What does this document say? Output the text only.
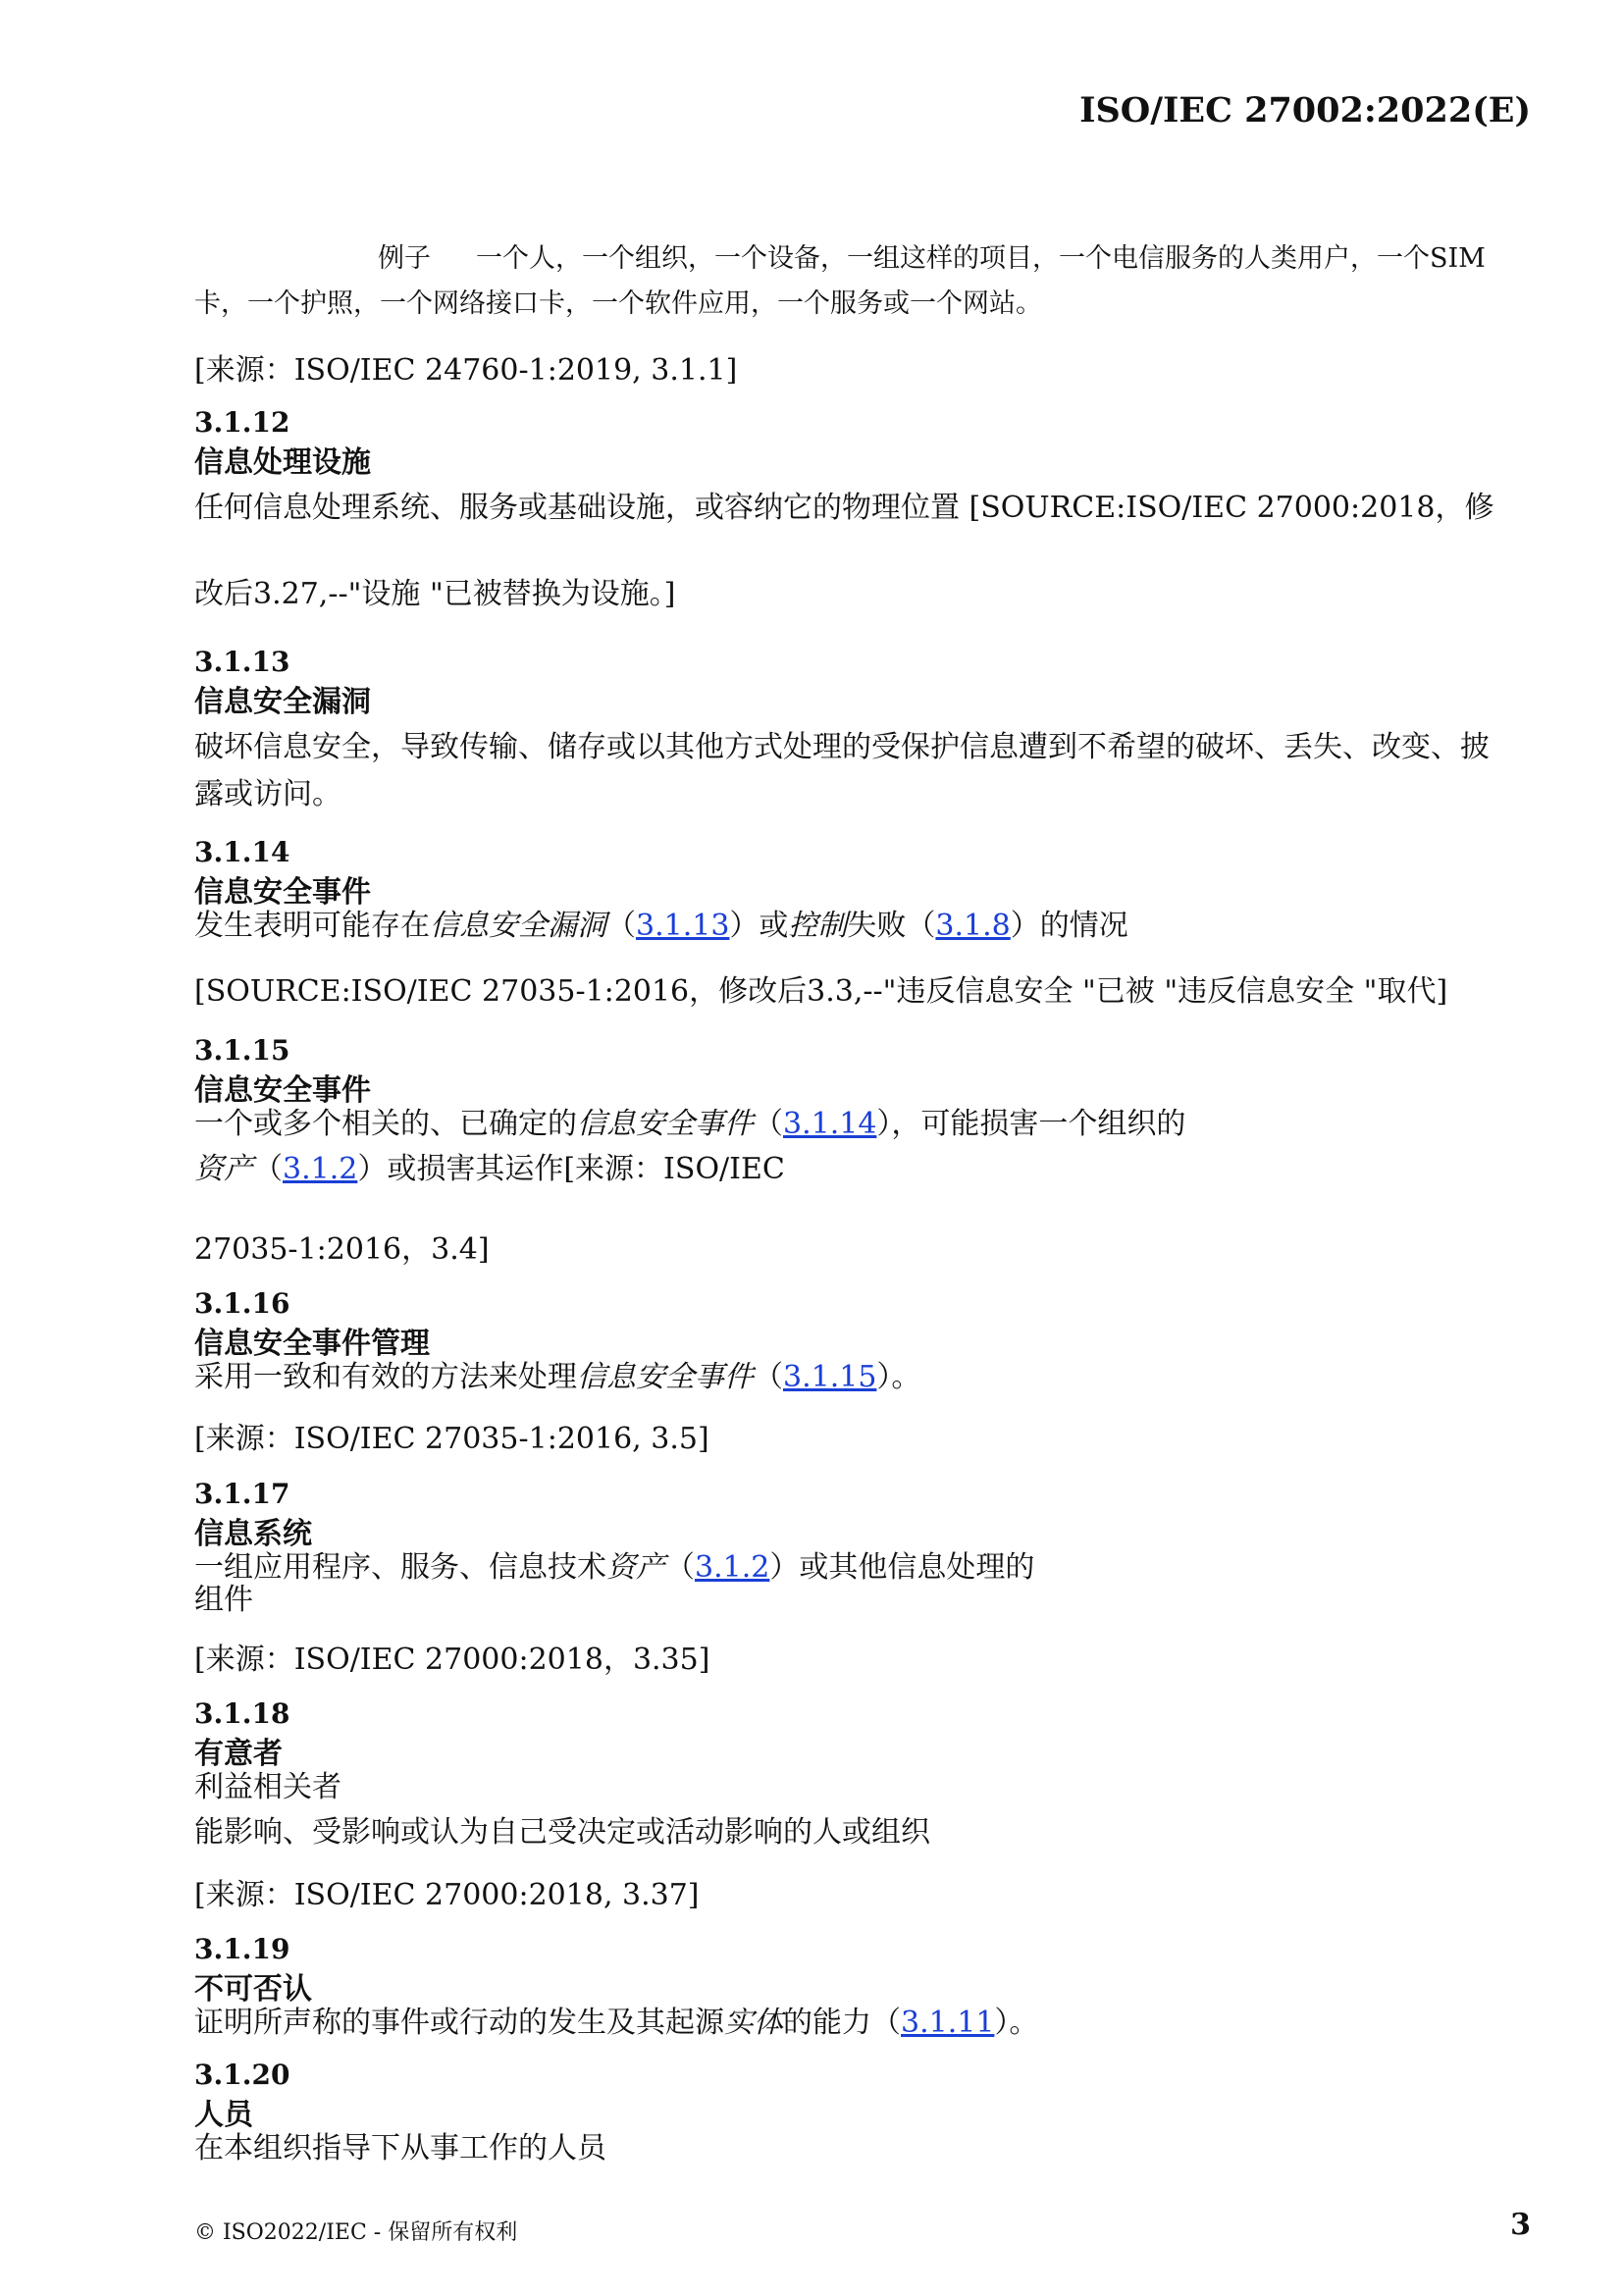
ISO/IEC 27002:2022(E)
例子 一个人，一个组织，一个设备，一组这样的项目，一个电信服务的人类用户，一个SIM
卡，一个护照，一个网络接口卡，一个软件应用，一个服务或一个网站。
[来源：ISO/IEC 24760-1:2019, 3.1.1]
3.1.12
信息处理设施
任何信息处理系统、服务或基础设施，或容纳它的物理位置 [SOURCE:ISO/IEC 27000:2018，修
改后3.27,--"设施 "已被替换为设施。]
3.1.13
信息安全漏洞
破坏信息安全，导致传输、储存或以其他方式处理的受保护信息遭到不希望的破坏、丢失、改变、披
露或访问。
3.1.14
信息安全事件
发生表明可能存在信息安全漏洞（3.1.13）或控制失败（3.1.8）的情况
[SOURCE:ISO/IEC 27035-1:2016，修改后3.3,--"违反信息安全 "已被 "违反信息安全 "取代]
3.1.15
信息安全事件
一个或多个相关的、已确定的信息安全事件（3.1.14），可能损害一个组织的
资产（3.1.2）或损害其运作[来源：ISO/IEC
27035-1:2016，3.4]
3.1.16
信息安全事件管理
采用一致和有效的方法来处理信息安全事件（3.1.15）。
[来源：ISO/IEC 27035-1:2016, 3.5]
3.1.17
信息系统
一组应用程序、服务、信息技术资产（3.1.2）或其他信息处理的
组件
[来源：ISO/IEC 27000:2018，3.35]
3.1.18
有意者
利益相关者
能影响、受影响或认为自己受决定或活动影响的人或组织
[来源：ISO/IEC 27000:2018, 3.37]
3.1.19
不可否认
证明所声称的事件或行动的发生及其起源实体的能力（3.1.11）。
3.1.20
人员
在本组织指导下从事工作的人员
© ISO2022/IEC - 保留所有权利	3
